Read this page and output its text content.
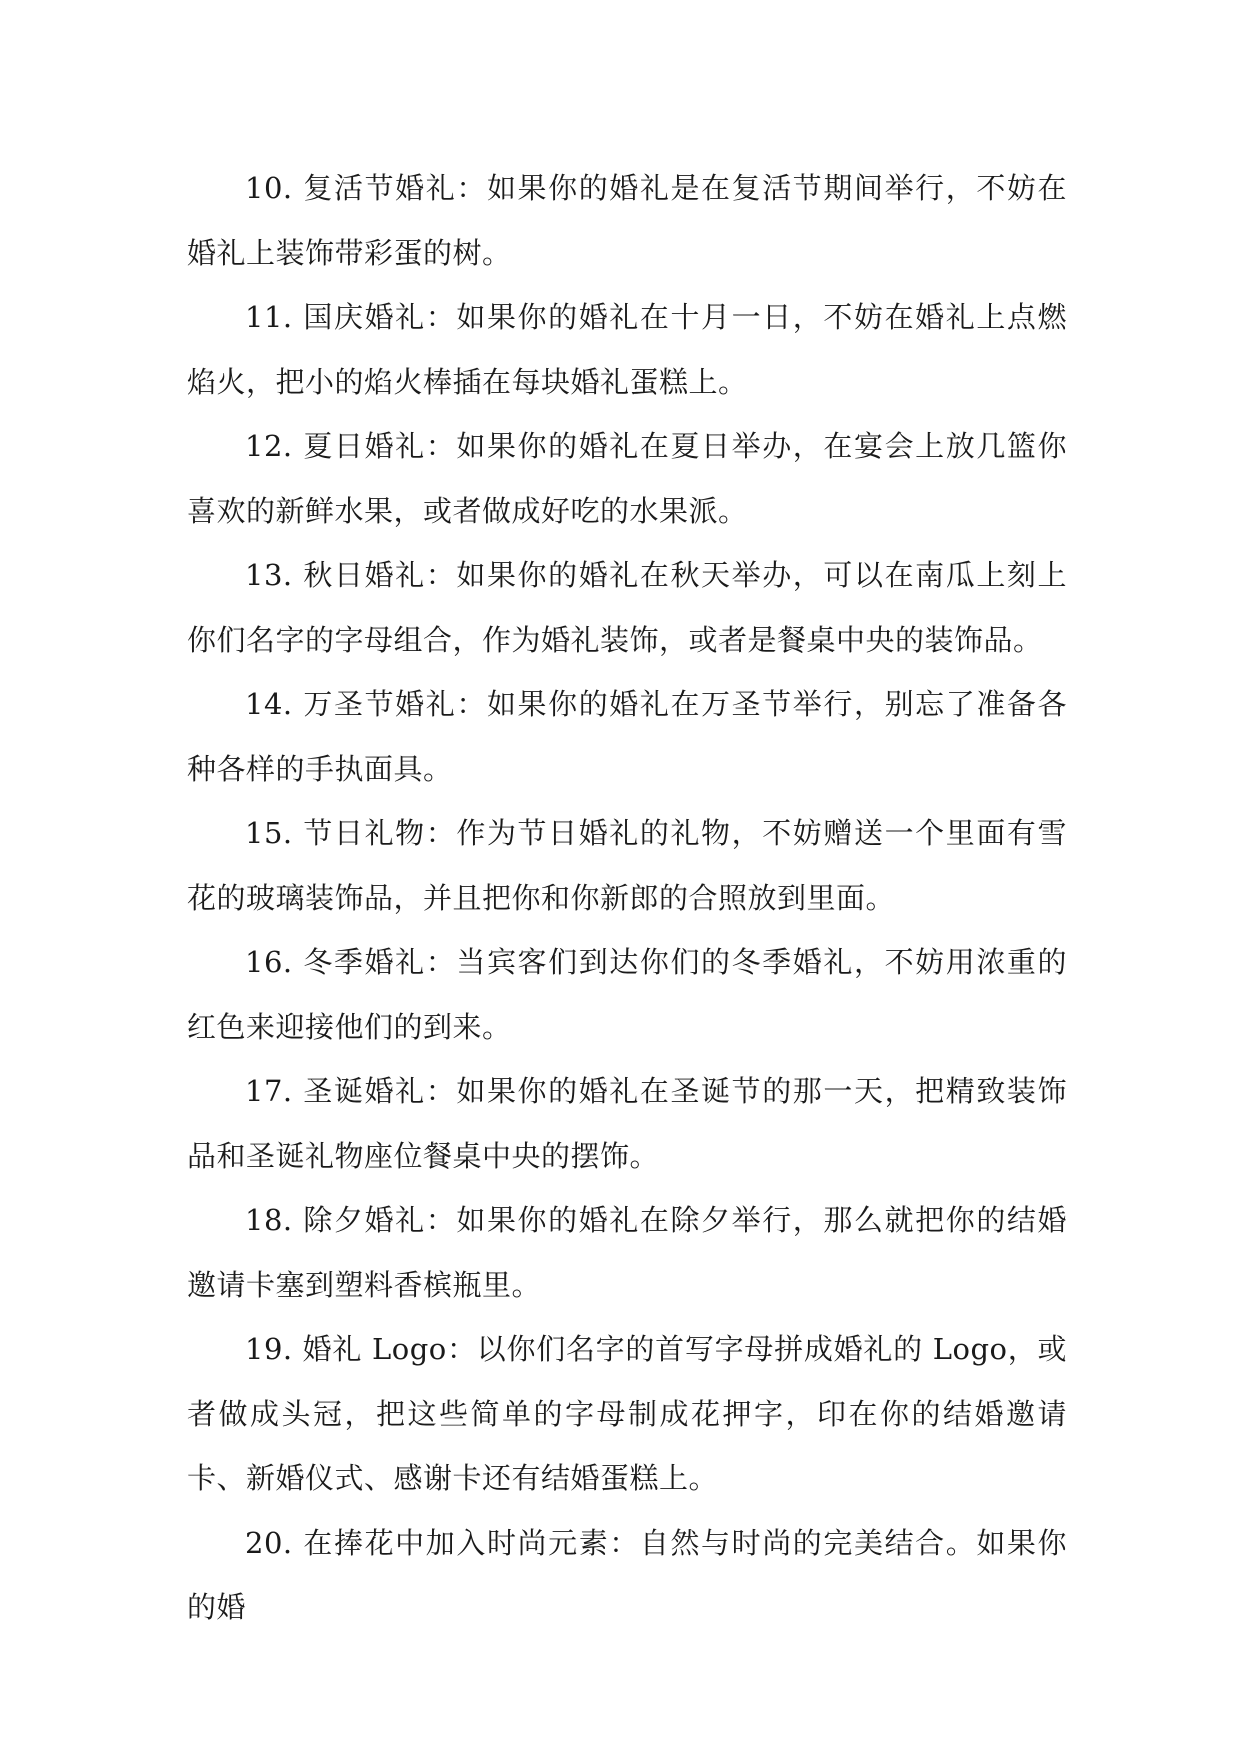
10. 复活节婚礼：如果你的婚礼是在复活节期间举行，不妨在婚礼上装饰带彩蛋的树。

11. 国庆婚礼：如果你的婚礼在十月一日，不妨在婚礼上点燃焰火，把小的焰火棒插在每块婚礼蛋糕上。

12. 夏日婚礼：如果你的婚礼在夏日举办，在宴会上放几篮你喜欢的新鲜水果，或者做成好吃的水果派。

13. 秋日婚礼：如果你的婚礼在秋天举办，可以在南瓜上刻上你们名字的字母组合，作为婚礼装饰，或者是餐桌中央的装饰品。

14. 万圣节婚礼：如果你的婚礼在万圣节举行，别忘了准备各种各样的手执面具。

15. 节日礼物：作为节日婚礼的礼物，不妨赠送一个里面有雪花的玻璃装饰品，并且把你和你新郎的合照放到里面。

16. 冬季婚礼：当宾客们到达你们的冬季婚礼，不妨用浓重的红色来迎接他们的到来。

17. 圣诞婚礼：如果你的婚礼在圣诞节的那一天，把精致装饰品和圣诞礼物座位餐桌中央的摆饰。

18. 除夕婚礼：如果你的婚礼在除夕举行，那么就把你的结婚邀请卡塞到塑料香槟瓶里。

19. 婚礼 Logo：以你们名字的首写字母拼成婚礼的 Logo，或者做成头冠，把这些简单的字母制成花押字，印在你的结婚邀请卡、新婚仪式、感谢卡还有结婚蛋糕上。

20. 在捧花中加入时尚元素：自然与时尚的完美结合。如果你的婚
